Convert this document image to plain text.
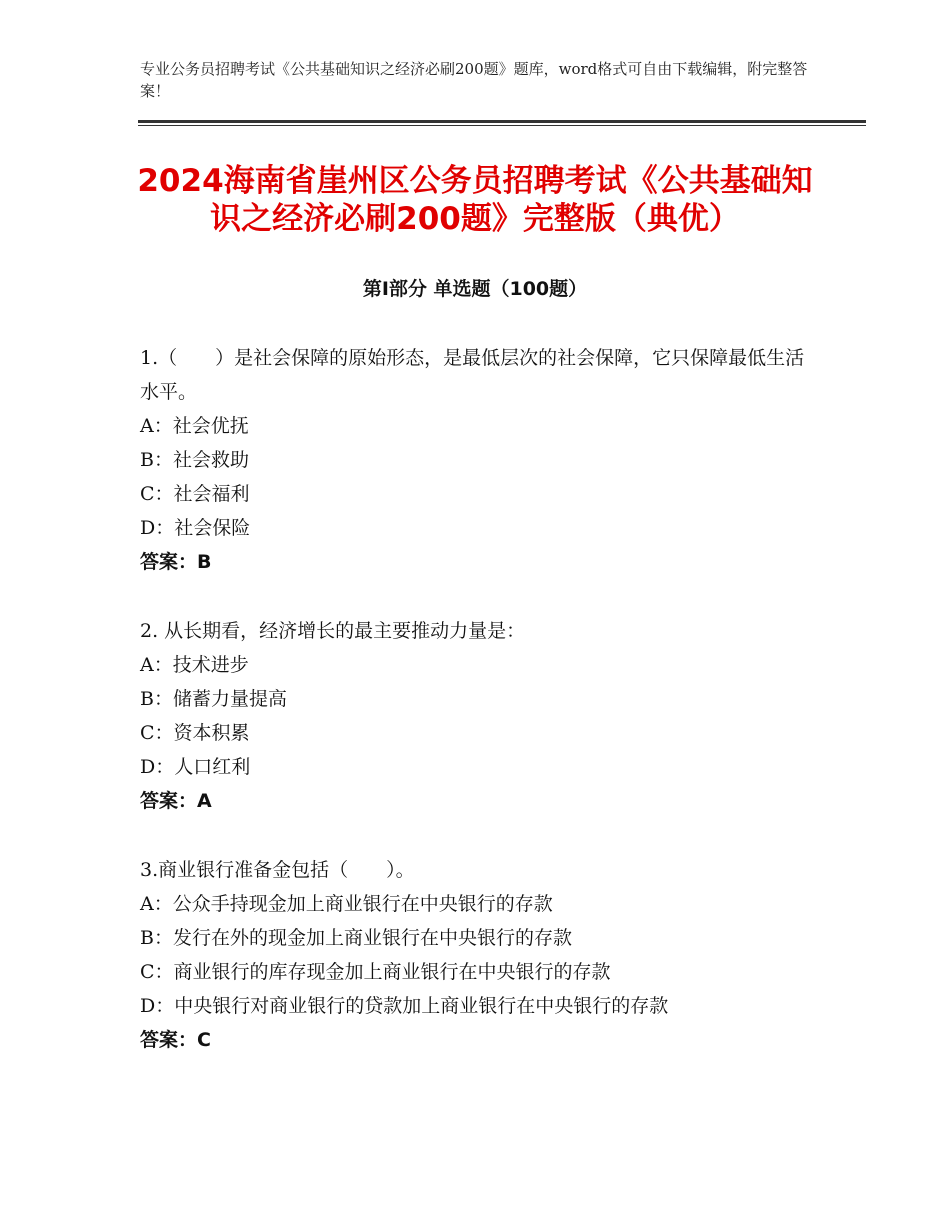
专业公务员招聘考试《公共基础知识之经济必刷200题》题库，word格式可自由下载编辑，附完整答案！
2024海南省崖州区公务员招聘考试《公共基础知识之经济必刷200题》完整版（典优）
第Ⅰ部分 单选题（100题）
1.（　　）是社会保障的原始形态，是最低层次的社会保障，它只保障最低生活水平。
A：社会优抚
B：社会救助
C：社会福利
D：社会保险
答案：B
2. 从长期看，经济增长的最主要推动力量是：
A：技术进步
B：储蓄力量提高
C：资本积累
D：人口红利
答案：A
3.商业银行准备金包括（　　）。
A：公众手持现金加上商业银行在中央银行的存款
B：发行在外的现金加上商业银行在中央银行的存款
C：商业银行的库存现金加上商业银行在中央银行的存款
D：中央银行对商业银行的贷款加上商业银行在中央银行的存款
答案：C
